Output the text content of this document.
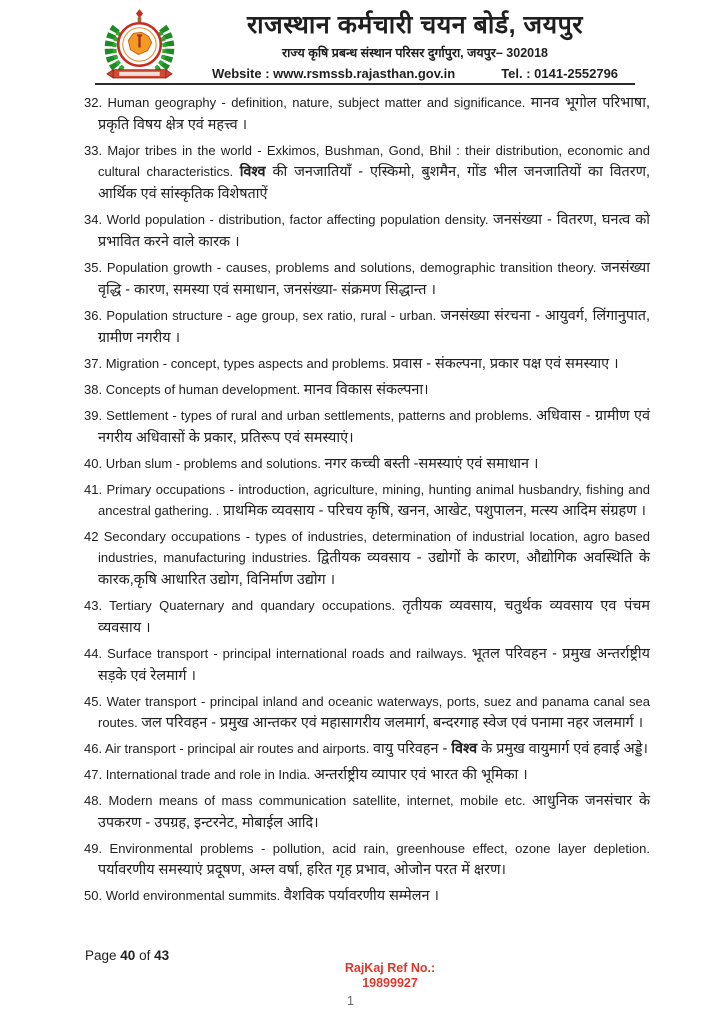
राजस्थान कर्मचारी चयन बोर्ड, जयपुर
राज्य कृषि प्रबन्ध संस्थान परिसर दुर्गापुरा, जयपुर– 302018
Website : www.rsmssb.rajasthan.gov.in	Tel. : 0141-2552796

32. Human geography - definition, nature, subject matter and significance. मानव भूगोल परिभाषा, प्रकृति विषय क्षेत्र एवं महत्त्व ।

33. Major tribes in the world - Exkimos, Bushman, Gond, Bhil : their distribution, economic and cultural characteristics. विश्व की जनजातियाँ - एस्किमो, बुशमैन, गोंड भील जनजातियों का वितरण, आर्थिक एवं सांस्कृतिक विशेषताऐं

34. World population - distribution, factor affecting population density. जनसंख्या - वितरण, घनत्व को प्रभावित करने वाले कारक ।

35. Population growth - causes, problems and solutions, demographic transition theory. जनसंख्या वृद्धि - कारण, समस्या एवं समाधान, जनसंख्या- संक्रमण सिद्धान्त ।

36. Population structure - age group, sex ratio, rural - urban. जनसंख्या संरचना - आयुवर्ग, लिंगानुपात, ग्रामीण नगरीय ।

37. Migration - concept, types aspects and problems. प्रवास - संकल्पना, प्रकार पक्ष एवं समस्याए ।

38. Concepts of human development. मानव विकास संकल्पना।

39. Settlement - types of rural and urban settlements, patterns and problems. अधिवास - ग्रामीण एवं नगरीय अधिवासों के प्रकार, प्रतिरूप एवं समस्याएं।

40. Urban slum - problems and solutions. नगर कच्ची बस्ती -समस्याएं एवं समाधान ।

41. Primary occupations - introduction, agriculture, mining, hunting animal husbandry, fishing and ancestral gathering. . प्राथमिक व्यवसाय - परिचय कृषि, खनन, आखेट, पशुपालन, मत्स्य आदिम संग्रहण ।

42 Secondary occupations - types of industries, determination of industrial location, agro based industries, manufacturing industries. द्वितीयक व्यवसाय - उद्योगों के कारण, औद्योगिक अवस्थिति के कारक,कृषि आधारित उद्योग, विनिर्माण उद्योग ।

43. Tertiary Quaternary and quandary occupations. तृतीयक व्यवसाय, चतुर्थक व्यवसाय एव पंचम व्यवसाय ।

44. Surface transport - principal international roads and railways. भूतल परिवहन - प्रमुख अन्तर्राष्ट्रीय सड़के एवं रेलमार्ग ।

45. Water transport - principal inland and oceanic waterways, ports, suez and panama canal sea routes. जल परिवहन - प्रमुख आन्तकर एवं महासागरीय जलमार्ग, बन्दरगाह स्वेज एवं पनामा नहर जलमार्ग ।

46. Air transport - principal air routes and airports. वायु परिवहन - विश्व के प्रमुख वायुमार्ग एवं हवाई अड्डे।

47. International trade and role in India. अन्तर्राष्ट्रीय व्यापार एवं भारत की भूमिका ।

48. Modern means of mass communication satellite, internet, mobile etc. आधुनिक जनसंचार के उपकरण - उपग्रह, इन्टरनेट, मोबाईल आदि।

49. Environmental problems - pollution, acid rain, greenhouse effect, ozone layer depletion. पर्यावरणीय समस्याएं प्रदूषण, अम्ल वर्षा, हरित गृह प्रभाव, ओजोन परत में क्षरण।

50. World environmental summits. वैशविक पर्यावरणीय सम्मेलन ।

Page 40 of 43
RajKaj Ref No.:
19899927
1
